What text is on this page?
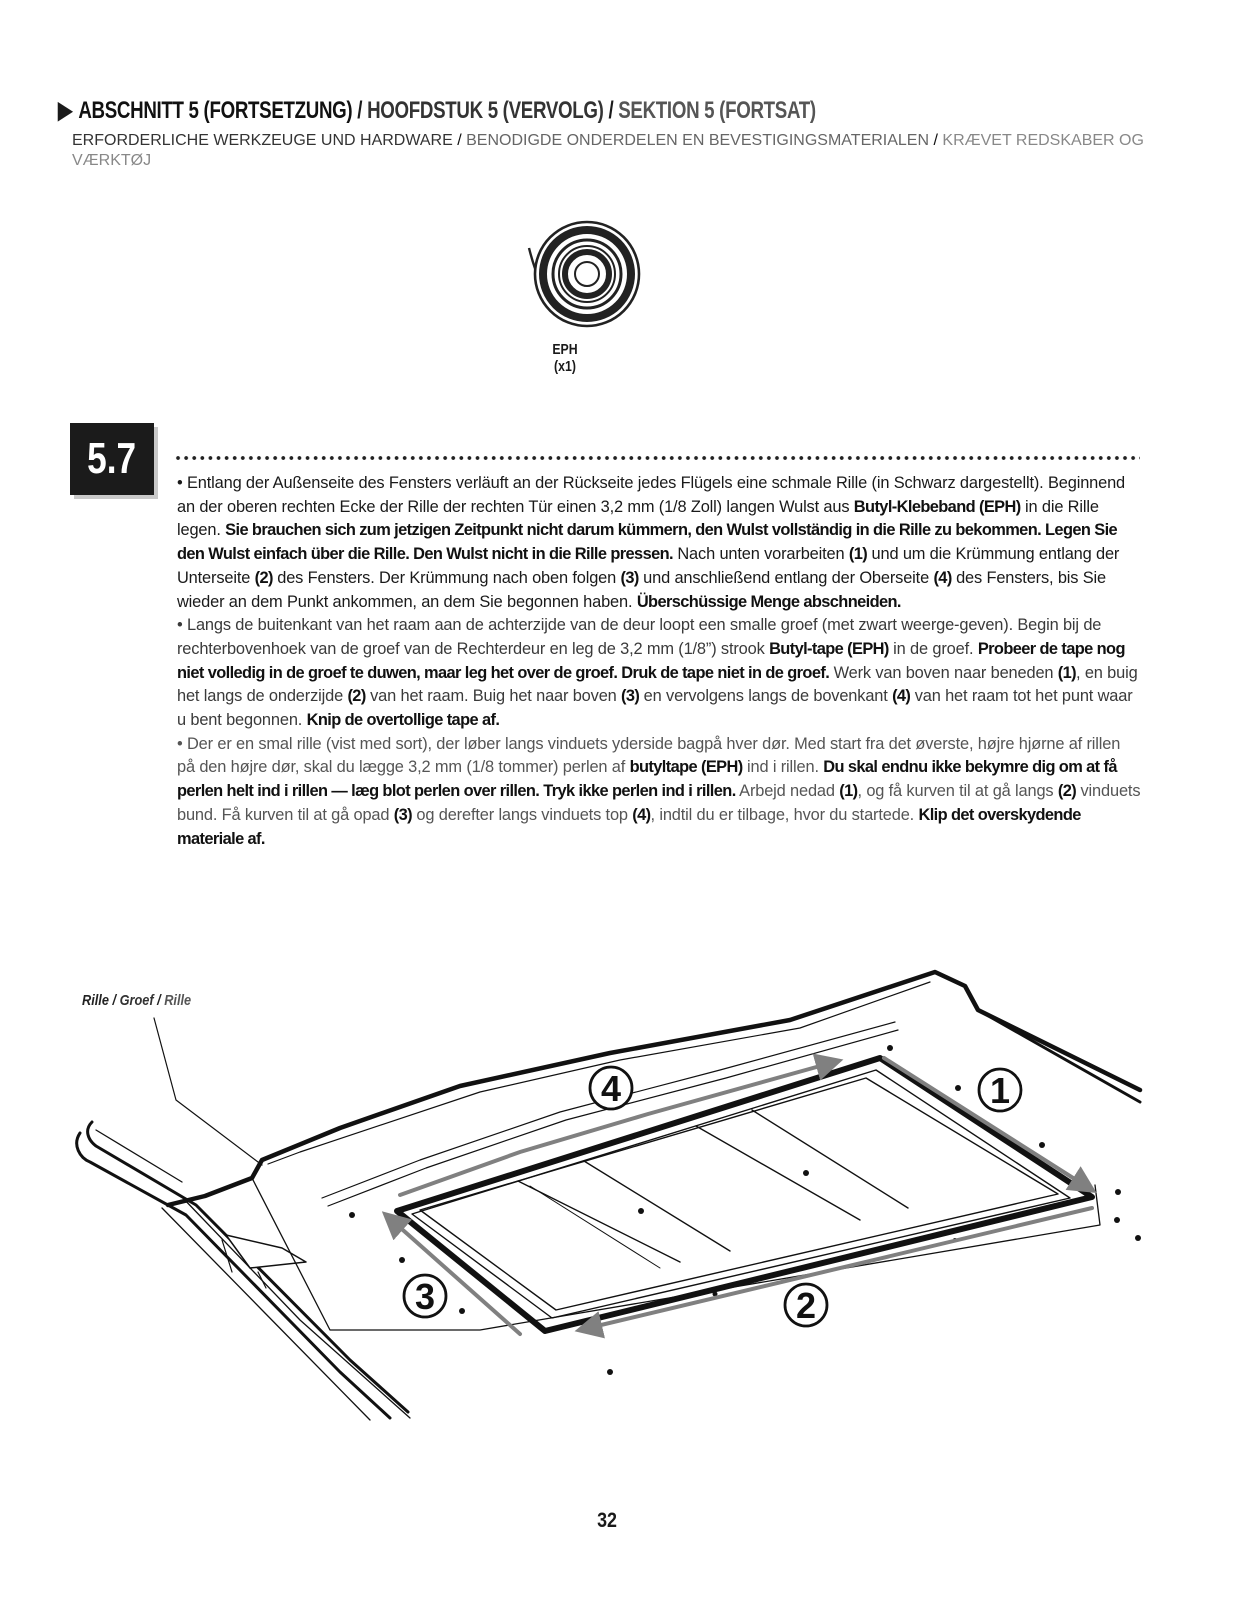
▶ ABSCHNITT 5 (FORTSETZUNG) / HOOFDSTUK 5 (VERVOLG) / SEKTION 5 (FORTSAT)
ERFORDERLICHE WERKZEUGE UND HARDWARE / BENODIGDE ONDERDELEN EN BEVESTIGINGSMATERIALEN / KRÆVET REDSKABER OG VÆRKTØJ
EPH (x1)
5.7	• Entlang der Außenseite des Fensters verläuft an der Rückseite jedes Flügels eine schmale Rille (in Schwarz dargestellt). Beginnend an der oberen rechten Ecke der Rille der rechten Tür einen 3,2 mm (1/8 Zoll) langen Wulst aus Butyl-Klebeband (EPH) in die Rille legen. Sie brauchen sich zum jetzigen Zeitpunkt nicht darum kümmern, den Wulst vollständig in die Rille zu bekommen. Legen Sie den Wulst einfach über die Rille. Den Wulst nicht in die Rille pressen. Nach unten vorarbeiten (1) und um die Krümmung entlang der Unterseite (2) des Fensters. Der Krümmung nach oben folgen (3) und anschließend entlang der Oberseite (4) des Fensters, bis Sie wieder an dem Punkt ankommen, an dem Sie begonnen haben. Überschüssige Menge abschneiden.

• Langs de buitenkant van het raam aan de achterzijde van de deur loopt een smalle groef (met zwart weerge-geven). Begin bij de rechterbovenhoek van de groef van de Rechterdeur en leg de 3,2 mm (1/8”) strook Butyl-tape (EPH) in de groef. Probeer de tape nog niet volledig in de groef te duwen, maar leg het over de groef. Druk de tape niet in de groef. Werk van boven naar beneden (1), en buig het langs de onderzijde (2) van het raam. Buig het naar boven (3) en vervolgens langs de bovenkant (4) van het raam tot het punt waar u bent begonnen. Knip de overtollige tape af.

• Der er en smal rille (vist med sort), der løber langs vinduets yderside bagpå hver dør. Med start fra det øverste, højre hjørne af rillen på den højre dør, skal du lægge 3,2 mm (1/8 tommer) perlen af butyltape (EPH) ind i rillen. Du skal endnu ikke bekymre dig om at få perlen helt ind i rillen — læg blot perlen over rillen. Tryk ikke perlen ind i rillen. Arbejd nedad (1), og få kurven til at gå langs (2) vinduets bund. Få kurven til at gå opad (3) og derefter langs vinduets top (4), indtil du er tilbage, hvor du startede. Klip det overskydende materiale af.

Rille / Groef / Rille
4	1
2
3
32
